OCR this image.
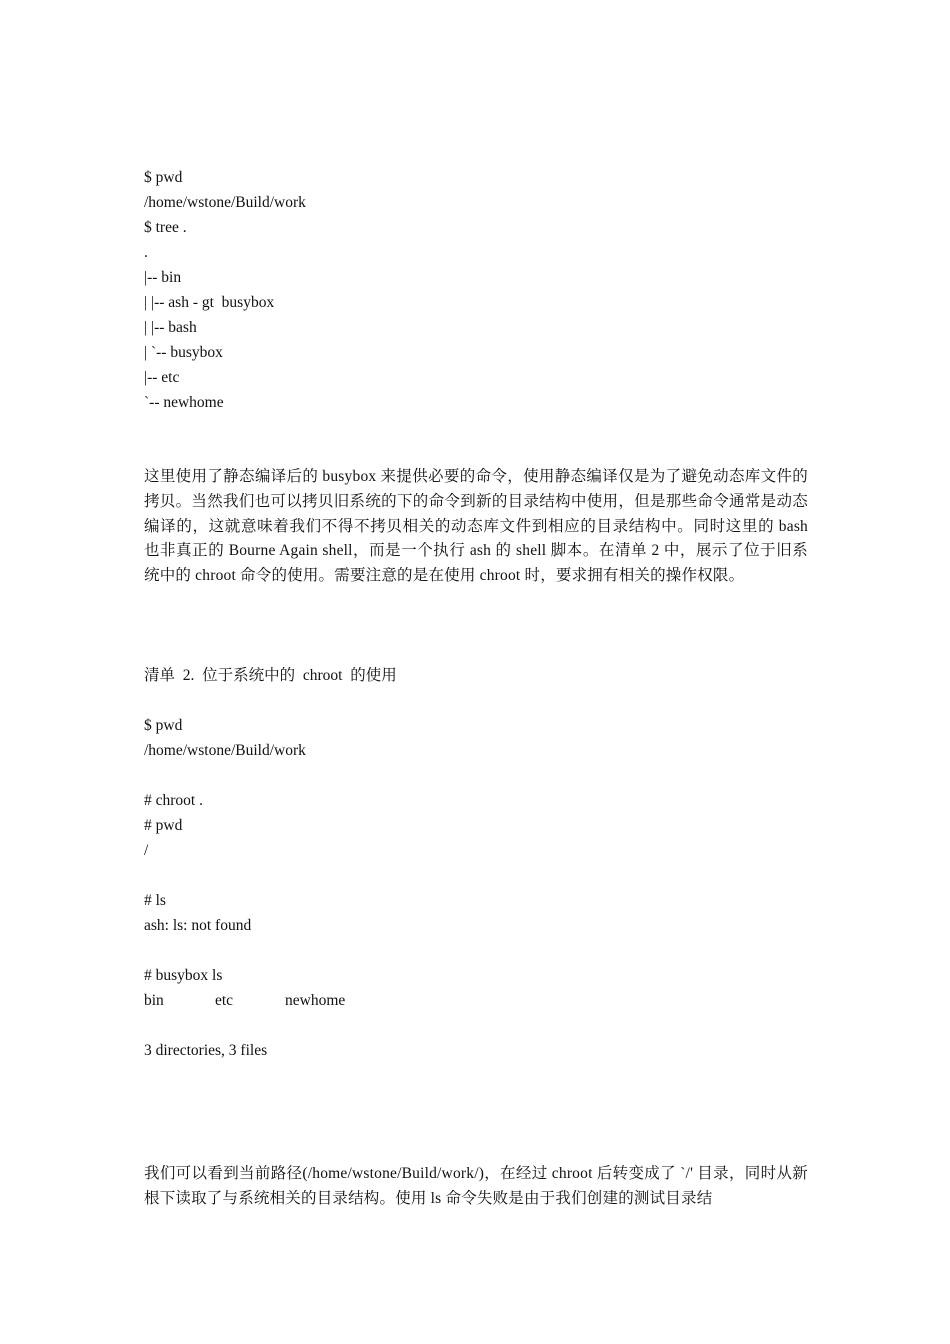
$ pwd
/home/wstone/Build/work
$ tree .
.
|-- bin
| |-- ash - gt  busybox
| |-- bash
| `-- busybox
|-- etc
`-- newhome
这里使用了静态编译后的 busybox 来提供必要的命令，使用静态编译仅是为了避免动态库文件的拷贝。当然我们也可以拷贝旧系统的下的命令到新的目录结构中使用，但是那些命令通常是动态编译的，这就意味着我们不得不拷贝相关的动态库文件到相应的目录结构中。同时这里的 bash 也非真正的 Bourne Again shell，而是一个执行 ash 的 shell 脚本。在清单 2 中，展示了位于旧系统中的 chroot 命令的使用。需要注意的是在使用 chroot 时，要求拥有相关的操作权限。
清单  2.  位于系统中的  chroot  的使用
$ pwd
/home/wstone/Build/work
# chroot .
# pwd
/
# ls
ash: ls: not found
# busybox ls
bin	etc	newhome
3 directories, 3 files
我们可以看到当前路径(/home/wstone/Build/work/)，在经过 chroot 后转变成了 `/' 目录，同时从新根下读取了与系统相关的目录结构。使用 ls 命令失败是由于我们创建的测试目录结
